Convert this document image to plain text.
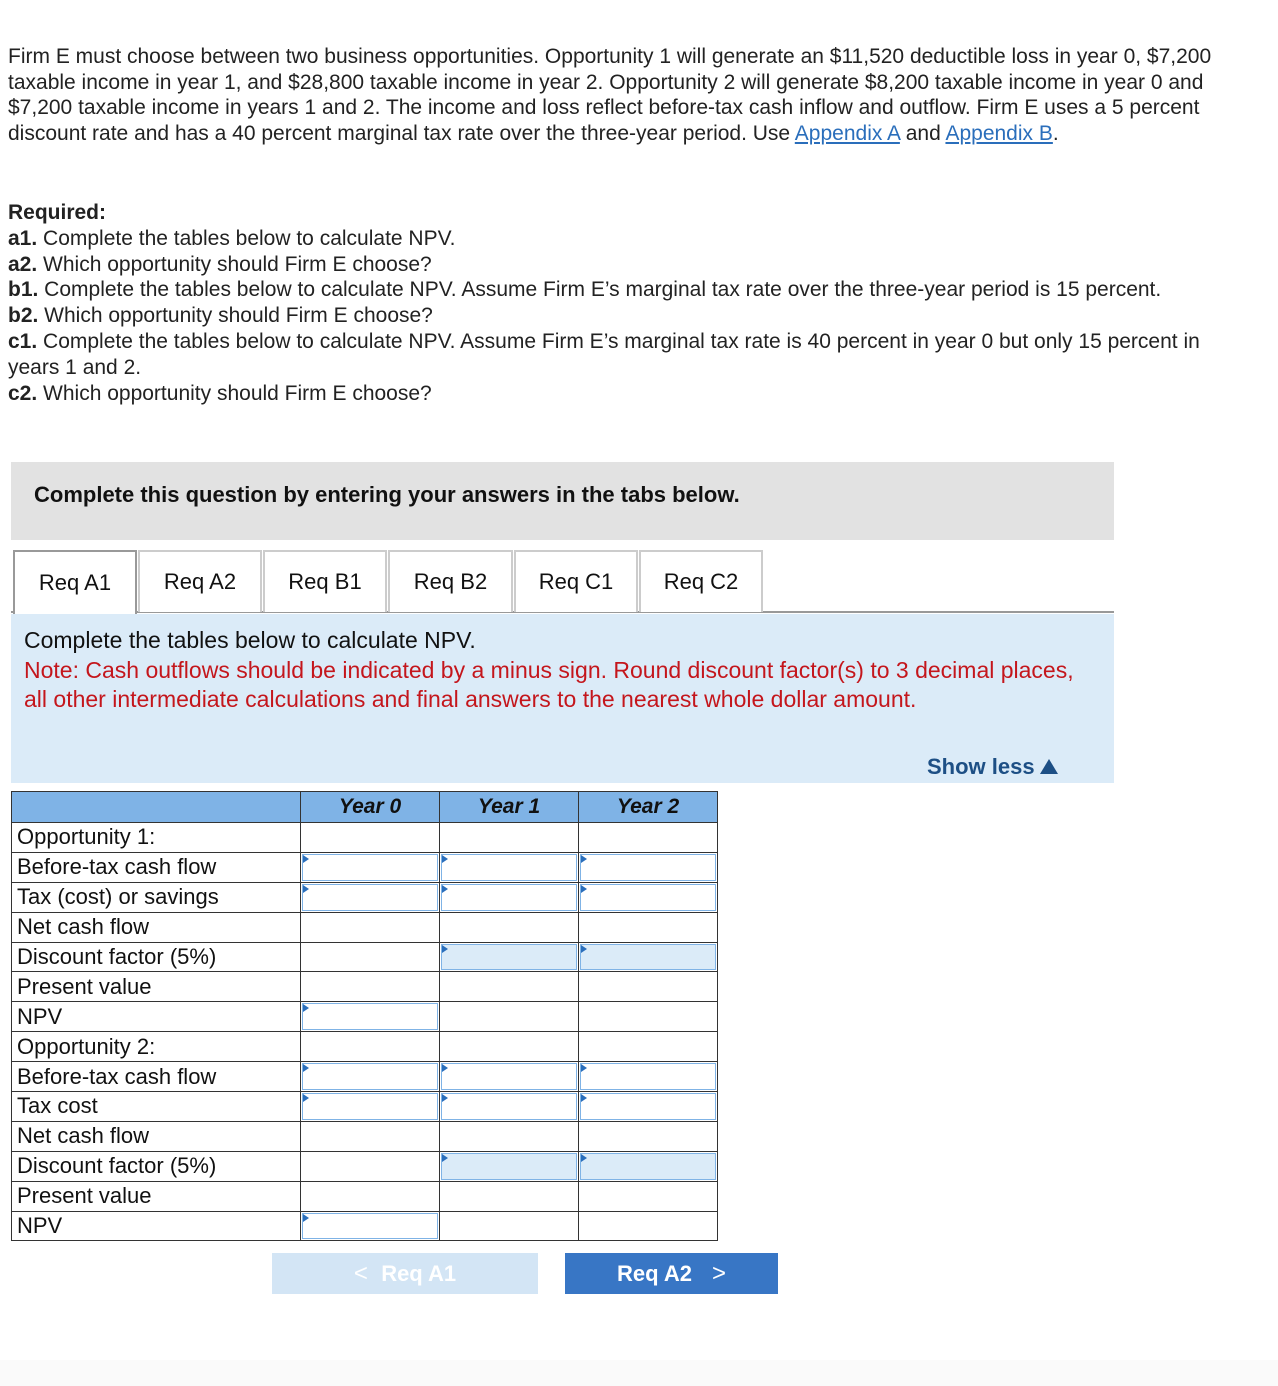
Firm E must choose between two business opportunities. Opportunity 1 will generate an $11,520 deductible loss in year 0, $7,200 taxable income in year 1, and $28,800 taxable income in year 2. Opportunity 2 will generate $8,200 taxable income in year 0 and $7,200 taxable income in years 1 and 2. The income and loss reflect before-tax cash inflow and outflow. Firm E uses a 5 percent discount rate and has a 40 percent marginal tax rate over the three-year period. Use Appendix A and Appendix B.

Required:
a1. Complete the tables below to calculate NPV.
a2. Which opportunity should Firm E choose?
b1. Complete the tables below to calculate NPV. Assume Firm E’s marginal tax rate over the three-year period is 15 percent.
b2. Which opportunity should Firm E choose?
c1. Complete the tables below to calculate NPV. Assume Firm E’s marginal tax rate is 40 percent in year 0 but only 15 percent in years 1 and 2.
c2. Which opportunity should Firm E choose?
Complete this question by entering your answers in the tabs below.
Req A1	Req A2	Req B1	Req B2	Req C1	Req C2
Complete the tables below to calculate NPV.
Note: Cash outflows should be indicated by a minus sign. Round discount factor(s) to 3 decimal places, all other intermediate calculations and final answers to the nearest whole dollar amount.
Show less
	Year 0	Year 1	Year 2
Opportunity 1:			
Before-tax cash flow	

Tax (cost) or savings	

Net cash flow			
Discount factor (5%)		

Present value			
NPV	

Opportunity 2:			
Before-tax cash flow	

Tax cost	

Net cash flow			
Discount factor (5%)		

Present value			
NPV	

< Req A1	Req A2 >
